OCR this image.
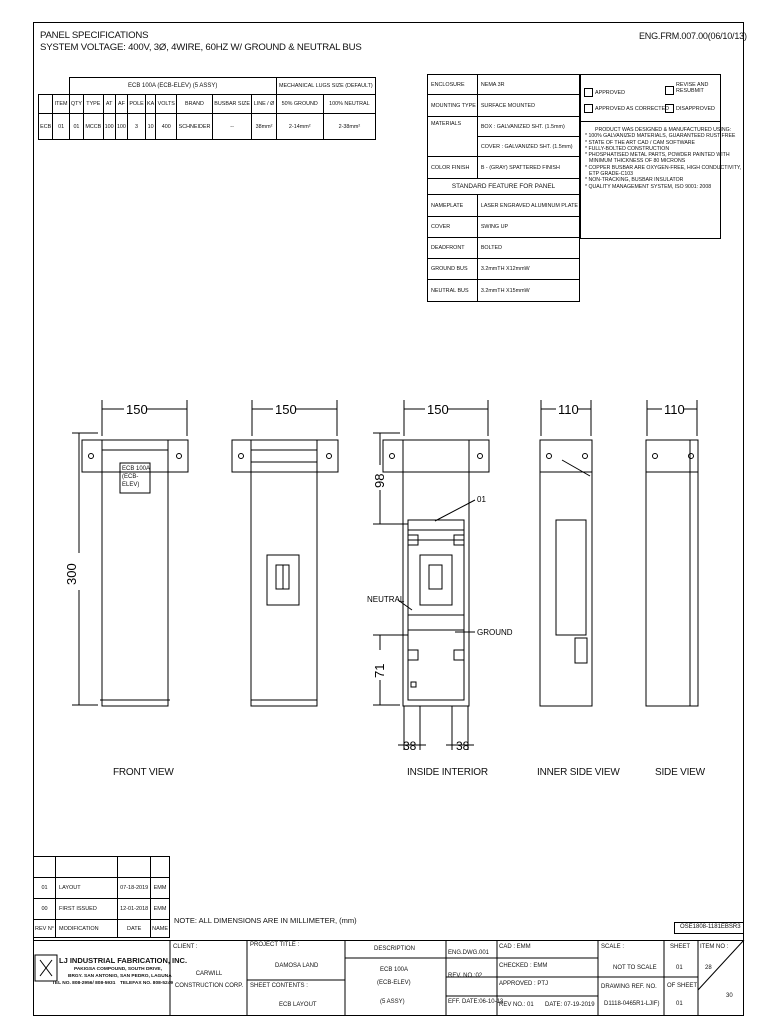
PANEL SPECIFICATIONS
SYSTEM VOLTAGE: 400V, 3Ø, 4WIRE, 60HZ W/ GROUND & NEUTRAL BUS
ENG.FRM.007.00(06/10/13)
		ECB 100A (ECB-ELEV) (5 ASSY)										MECHANICAL LUGS SIZE (DEFAULT)	
	ITEM	QTY	TYPE	AT	AF	POLE	KA	VOLTS	BRAND	BUSBAR SIZE	LINE / Ø	50% GROUND	100% NEUTRAL
ECB	01	01	MCCB	100	100	3	10	400	SCHNEIDER	--	38mm²	2-14mm²	2-38mm²
ENCLOSURE	NEMA 3R
MOUNTING TYPE	SURFACE MOUNTED
MATERIALS	BOX : GALVANIZED SHT. (1.5mm)
	COVER : GALVANIZED SHT. (1.5mm)
COLOR FINISH	B - (GRAY) SPATTERED FINISH
STANDARD FEATURE FOR PANEL	
NAMEPLATE	LASER ENGRAVED ALUMINUM PLATE
COVER	SWING UP
DEADFRONT	BOLTED
GROUND BUS	3.2mmTH X12mmW
NEUTRAL BUS	3.2mmTH X15mmW
APPROVED
APPROVED AS CORRECTED
REVISE AND RESUBMIT
DISAPPROVED
PRODUCT WAS DESIGNED & MANUFACTURED USING:
* 100% GALVANIZED MATERIALS, GUARANTEED RUST FREE
* STATE OF THE ART CAD / CAM SOFTWARE
* FULLY-BOLTED CONSTRUCTION
* PHOSPHATISED METAL PARTS, POWDER PAINTED WITH
MINIMUM THICKNESS OF 80 MICRONS
* COPPER BUSBAR ARE OXYGEN-FREE, HIGH CONDUCTIVITY,
ETP GRADE-C103
* NON-TRACKING, BUSBAR INSULATOR
* QUALITY MANAGEMENT SYSTEM, ISO 9001: 2008
150	150	150	110	110
300
98
71
38	38
01
NEUTRAL
GROUND
ECB 100A (ECB-ELEV)
FRONT VIEW	INSIDE INTERIOR	INNER SIDE VIEW	SIDE VIEW

01	LAYOUT	07-18-2019	EMM
00	FIRST ISSUED	12-01-2018	EMM
REV N°	MODIFICATION	DATE	NAME
NOTE: ALL DIMENSIONS ARE IN MILLIMETER, (mm)
OSE1808-1181EBSR3
LJ INDUSTRIAL FABRICATION, INC.
PAKIGSA COMPOUND, SOUTH DRIVE,
BRGY. SAN ANTONIO, SAN PEDRO, LAGUNA
TEL NO. 808-2956/ 808-5931 TELEFAX NO. 808-5249
CLIENT :
CARWILL CONSTRUCTION CORP.
PROJECT TITLE :
DAMOSA LAND
SHEET CONTENTS :
ECB LAYOUT
DESCRIPTION
ECB 100A
(ECB-ELEV)
(5 ASSY)
ENG.DWG.001
REV. NO.:02
EFF. DATE:06-10-13
CAD : EMM
CHECKED : EMM
APPROVED : PTJ
REV NO.: 01 DATE: 07-19-2019
SCALE :
NOT TO SCALE
DRAWING REF. NO.
D1118-0465R1-LJIF)
SHEET
01
OF SHEET
01
ITEM NO :
28
30
